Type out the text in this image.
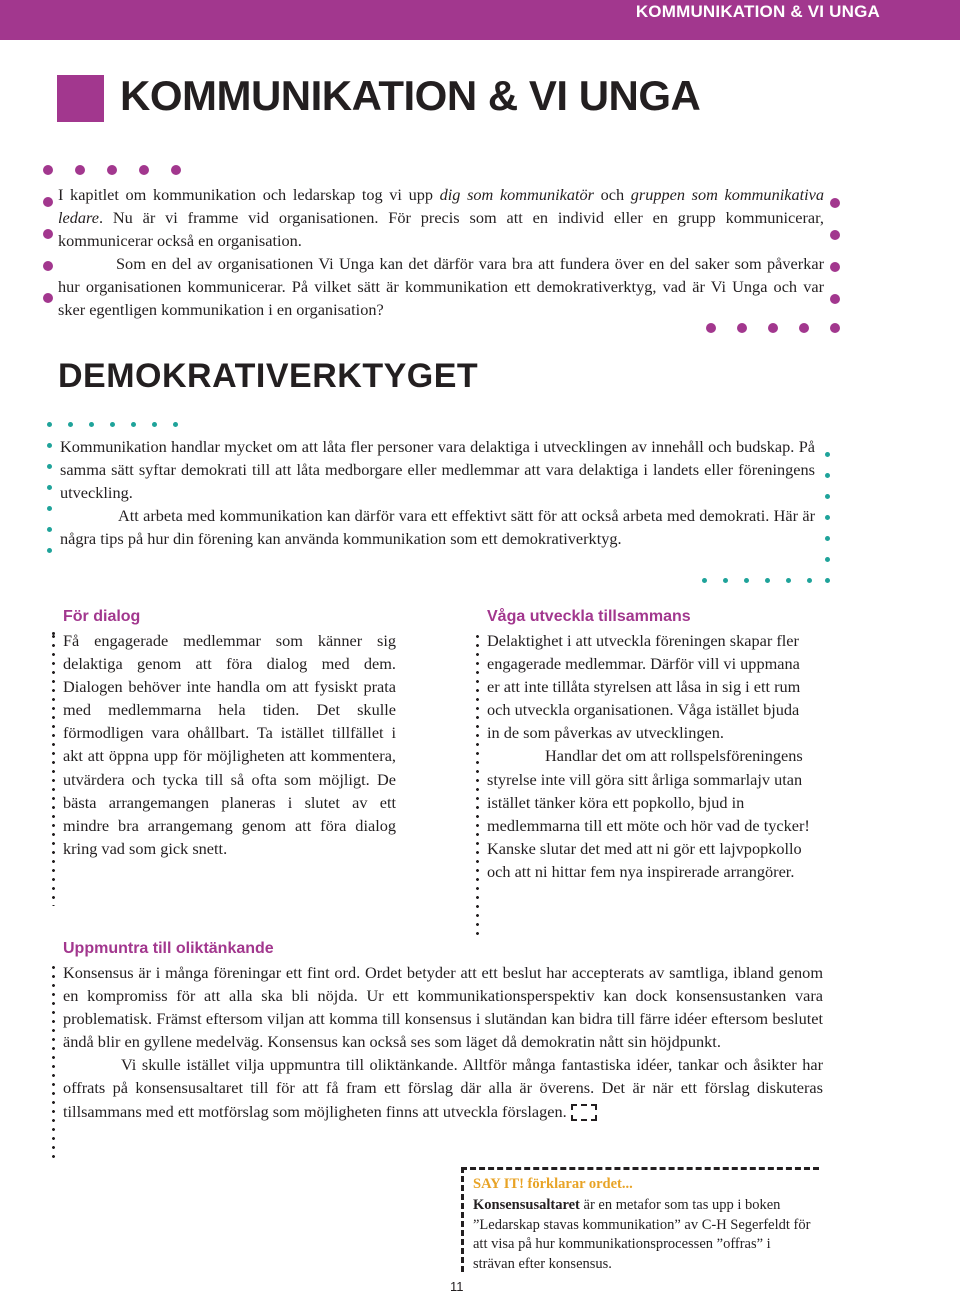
KOMMUNIKATION & VI UNGA
KOMMUNIKATION & VI UNGA

I kapitlet om kommunikation och ledarskap tog vi upp dig som kommunikatör och gruppen som kommunikativa ledare. Nu är vi framme vid organisationen. För precis som att en individ eller en grupp kommunicerar, kommunicerar också en organisation.

Som en del av organisationen Vi Unga kan det därför vara bra att fundera över en del saker som påverkar hur organisationen kommunicerar. På vilket sätt är kommunikation ett demokrativerktyg, vad är Vi Unga och var sker egentligen kommunikation i en organisation?

DEMOKRATIVERKTYGET

Kommunikation handlar mycket om att låta fler personer vara delaktiga i utvecklingen av innehåll och budskap. På samma sätt syftar demokrati till att låta medborgare eller medlemmar att vara delaktiga i landets eller föreningens utveckling.

Att arbeta med kommunikation kan därför vara ett effektivt sätt för att också arbeta med demokrati. Här är några tips på hur din förening kan använda kommunikation som ett demokrativerktyg.

För dialog

Få engagerade medlemmar som känner sig delaktiga genom att föra dialog med dem. Dialogen behöver inte handla om att fysiskt prata med medlemmarna hela tiden. Det skulle förmodligen vara ohållbart. Ta istället tillfället i akt att öppna upp för möjligheten att kommentera, utvärdera och tycka till så ofta som möjligt. De bästa arrangemangen planeras i slutet av ett mindre bra arrangemang genom att föra dialog kring vad som gick snett.

Våga utveckla tillsammans

Delaktighet i att utveckla föreningen skapar fler engagerade medlemmar. Därför vill vi uppmana er att inte tillåta styrelsen att låsa in sig i ett rum och utveckla organisationen. Våga istället bjuda in de som påverkas av utvecklingen.

Handlar det om att rollspelsföreningens styrelse inte vill göra sitt årliga sommarlajv utan istället tänker köra ett popkollo, bjud in medlemmarna till ett möte och hör vad de tycker! Kanske slutar det med att ni gör ett lajvpopkollo och att ni hittar fem nya inspirerade arrangörer.

Uppmuntra till oliktänkande

Konsensus är i många föreningar ett fint ord. Ordet betyder att ett beslut har accepterats av samtliga, ibland genom en kompromiss för att alla ska bli nöjda. Ur ett kommunikationsperspektiv kan dock konsensustanken vara problematisk. Främst eftersom viljan att komma till konsensus i slutändan kan bidra till färre idéer eftersom beslutet ändå blir en gyllene medelväg. Konsensus kan också ses som läget då demokratin nått sin höjdpunkt.

Vi skulle istället vilja uppmuntra till oliktänkande. Alltför många fantastiska idéer, tankar och åsikter har offrats på konsensusaltaret till för att få fram ett förslag där alla är överens. Det är när ett förslag diskuteras tillsammans med ett motförslag som möjligheten finns att utveckla förslagen.

SAY IT! förklarar ordet...

Konsensusaltaret är en metafor som tas upp i boken ”Ledarskap stavas kommunikation” av C-H Segerfeldt för att visa på hur kommunikationsprocessen ”offras” i strävan efter konsensus.
11
